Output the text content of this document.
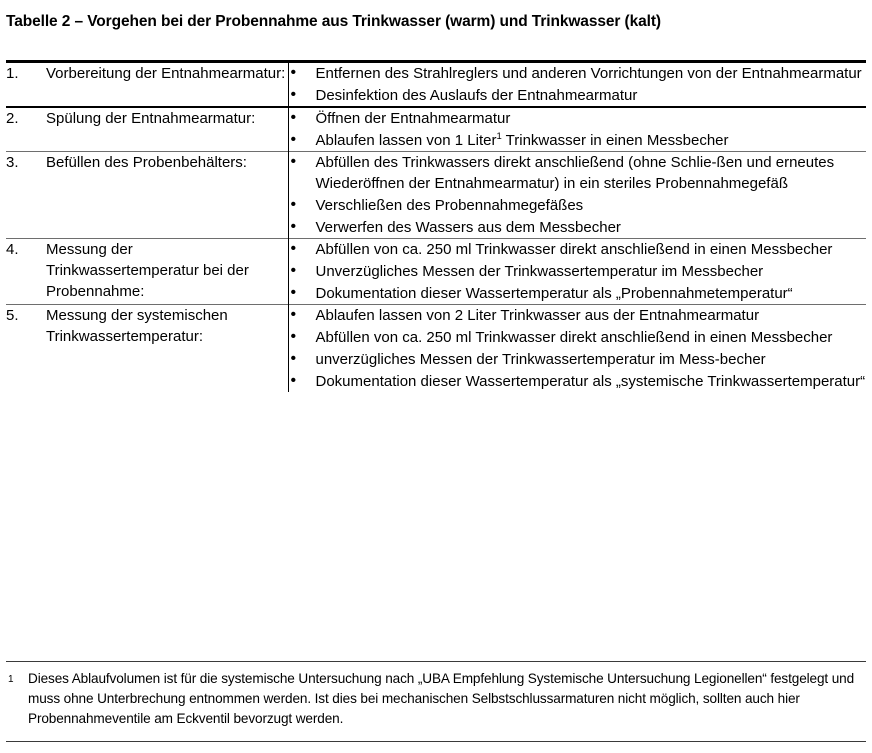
Tabelle 2 – Vorgehen bei der Probennahme aus Trinkwasser (warm) und Trinkwasser (kalt)
1.	Vorbereitung der Entnahmearmatur:	
•Entfernen des Strahlreglers und anderen Vorrichtungen von der Entnahmearmatur
• Desinfektion des Auslaufs der Entnahmearmatur

2.	Spülung der Entnahmearmatur:	
•Öffnen der Entnahmearmatur
• Ablaufen lassen von 1 Liter$^1$ Trinkwasser in einen Messbecher

3.	Befüllen des Probenbehälters:	
•Abfüllen des Trinkwassers direkt anschließend (ohne Schlie-ßen und erneutes Wiederöffnen der Entnahmearmatur) in ein steriles Probennahmegefäß
• Verschließen des Probennahmegefäßes
• Verwerfen des Wassers aus dem Messbecher

4.	Messung der Trinkwassertemperatur bei der Probennahme:	
• Abfüllen von ca. 250 ml Trinkwasser direkt anschließend in einen Messbecher
• Unverzügliches Messen der Trinkwassertemperatur im Messbecher
• Dokumentation dieser Wassertemperatur als „Probennahmetemperatur“

5.	Messung der systemischen Trinkwassertemperatur:	
• Ablaufen lassen von 2 Liter Trinkwasser aus der Entnahmearmatur
• Abfüllen von ca. 250 ml Trinkwasser direkt anschließend in einen Messbecher
• unverzügliches Messen der Trinkwassertemperatur im Mess-becher
• Dokumentation dieser Wassertemperatur als „systemische Trinkwassertemperatur“
1	Dieses Ablaufvolumen ist für die systemische Untersuchung nach „UBA Empfehlung Systemische Untersuchung Legionellen“ festgelegt und muss ohne Unterbrechung entnommen werden. Ist dies bei mechanischen Selbstschlussarmaturen nicht möglich, sollten auch hier Probennahmeventile am Eckventil bevorzugt werden.
